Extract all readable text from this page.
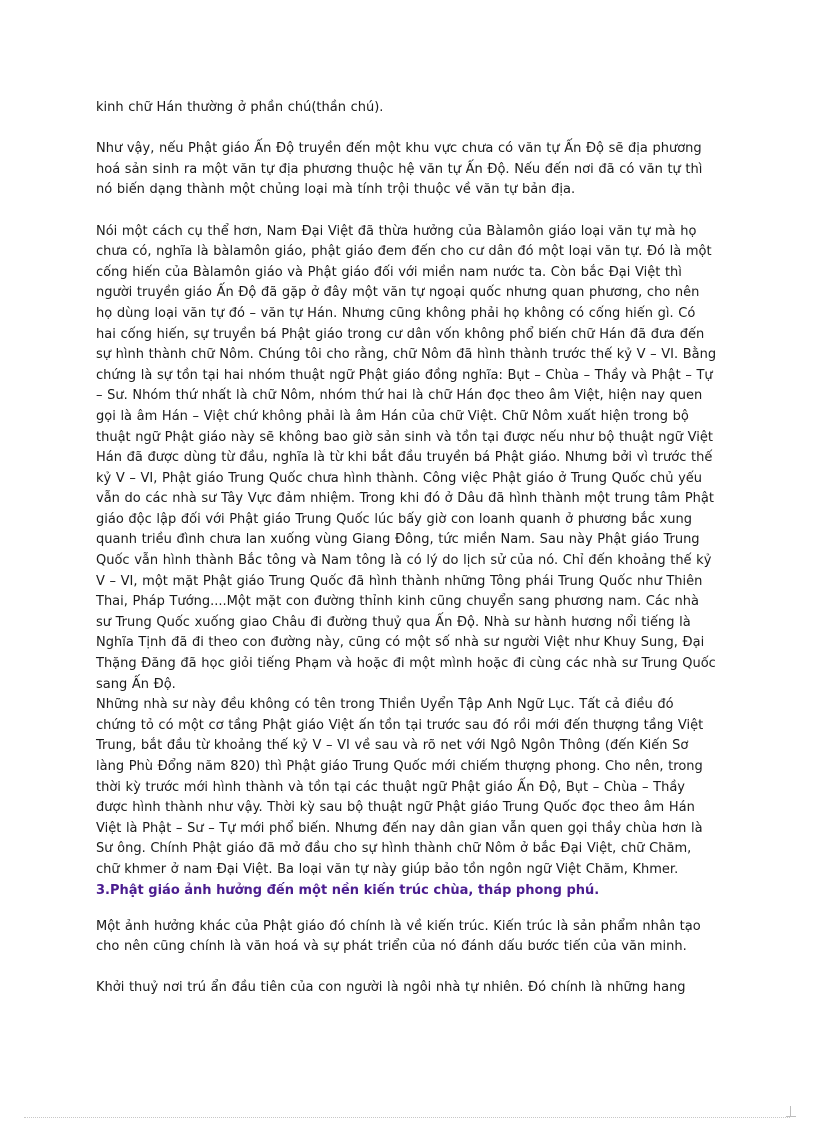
kinh chữ Hán thường ở phần chú(thần chú).

Như vậy, nếu Phật giáo Ấn Độ truyền đến một khu vực chưa có văn tự Ấn Độ sẽ địa phương hoá sản sinh ra một văn tự địa phương thuộc hệ văn tự Ấn Độ. Nếu đến nơi đã có văn tự thì nó biến dạng thành một chủng loại mà tính trội thuộc về văn tự bản địa.

Nói một cách cụ thể hơn, Nam Đại Việt đã thừa hưởng của Bàlamôn giáo loại văn tự mà họ chưa có, nghĩa là bàlamôn giáo, phật giáo đem đến cho cư dân đó một loại văn tự. Đó là một cống hiến của Bàlamôn giáo và Phật giáo đối với miền nam nước ta. Còn bắc Đại Việt thì người truyền giáo Ấn Độ đã gặp ở đây một văn tự ngoại quốc nhưng quan phương, cho nên họ dùng loại văn tự đó – văn tự Hán. Nhưng cũng không phải họ không có cống hiến gì. Có hai cống hiến, sự truyền bá Phật giáo trong cư dân vốn không phổ biến chữ Hán đã đưa đến sự hình thành chữ Nôm. Chúng tôi cho rằng, chữ Nôm đã hình thành trước thế kỷ V – VI. Bằng chứng là sự tồn tại hai nhóm thuật ngữ Phật giáo đồng nghĩa: Bụt – Chùa – Thầy và Phật – Tự – Sư. Nhóm thứ nhất là chữ Nôm, nhóm thứ hai là chữ Hán đọc theo âm Việt, hiện nay quen gọi là âm Hán – Việt chứ không phải là âm Hán của chữ Việt. Chữ Nôm xuất hiện trong bộ thuật ngữ Phật giáo này sẽ không bao giờ sản sinh và tồn tại được nếu như bộ thuật ngữ Việt Hán đã được dùng từ đầu, nghĩa là từ khi bắt đầu truyền bá Phật giáo. Nhưng bởi vì trước thế kỷ V – VI, Phật giáo Trung Quốc chưa hình thành. Công việc Phật giáo ở Trung Quốc chủ yếu vẫn do các nhà sư Tây Vực đảm nhiệm. Trong khi đó ở Dâu đã hình thành một trung tâm Phật giáo độc lập đối với Phật giáo Trung Quốc lúc bấy giờ con loanh quanh ở phương bắc xung quanh triều đình chưa lan xuống vùng Giang Đông, tức miền Nam. Sau này Phật giáo Trung Quốc vẫn hình thành Bắc tông và Nam tông là có lý do lịch sử của nó. Chỉ đến khoảng thế kỷ V – VI, một mặt Phật giáo Trung Quốc đã hình thành những Tông phái Trung Quốc như Thiên Thai, Pháp Tướng....Một mặt con đường thỉnh kinh cũng chuyển sang phương nam. Các nhà sư Trung Quốc xuống giao Châu đi đường thuỷ qua Ấn Độ. Nhà sư hành hương nổi tiếng là Nghĩa Tịnh đã đi theo con đường này, cũng có một số nhà sư người Việt như Khuy Sung, Đại Thặng Đăng đã học giỏi tiếng Phạm và hoặc đi một mình hoặc đi cùng các nhà sư Trung Quốc sang Ấn Độ.

Những nhà sư này đều không có tên trong Thiền Uyển Tập Anh Ngữ Lục. Tất cả điều đó chứng tỏ có một cơ tầng Phật giáo Việt ấn tồn tại trước sau đó rồi mới đến thượng tầng Việt Trung, bắt đầu từ khoảng thế kỷ V – VI về sau và rõ net với Ngô Ngôn Thông (đến Kiến Sơ làng Phù Đổng năm 820) thì Phật giáo Trung Quốc mới chiếm thượng phong. Cho nên, trong thời kỳ trước mới hình thành và tồn tại các thuật ngữ Phật giáo Ấn Độ, Bụt – Chùa – Thầy được hình thành như vậy. Thời kỳ sau bộ thuật ngữ Phật giáo Trung Quốc đọc theo âm Hán Việt là Phật – Sư – Tự mới phổ biến. Nhưng đến nay dân gian vẫn quen gọi thầy chùa hơn là Sư ông. Chính Phật giáo đã mở đầu cho sự hình thành chữ Nôm ở bắc Đại Việt, chữ Chăm, chữ khmer ở nam Đại Việt. Ba loại văn tự này giúp bảo tồn ngôn ngữ Việt Chăm, Khmer.

3.Phật giáo ảnh hưởng đến một nền kiến trúc chùa, tháp phong phú.

Một ảnh hưởng khác của Phật giáo đó chính là về kiến trúc. Kiến trúc là sản phẩm nhân tạo cho nên cũng chính là văn hoá và sự phát triển của nó đánh dấu bước tiến của văn minh.

Khởi thuỷ nơi trú ẩn đầu tiên của con người là ngôi nhà tự nhiên. Đó chính là những hang
